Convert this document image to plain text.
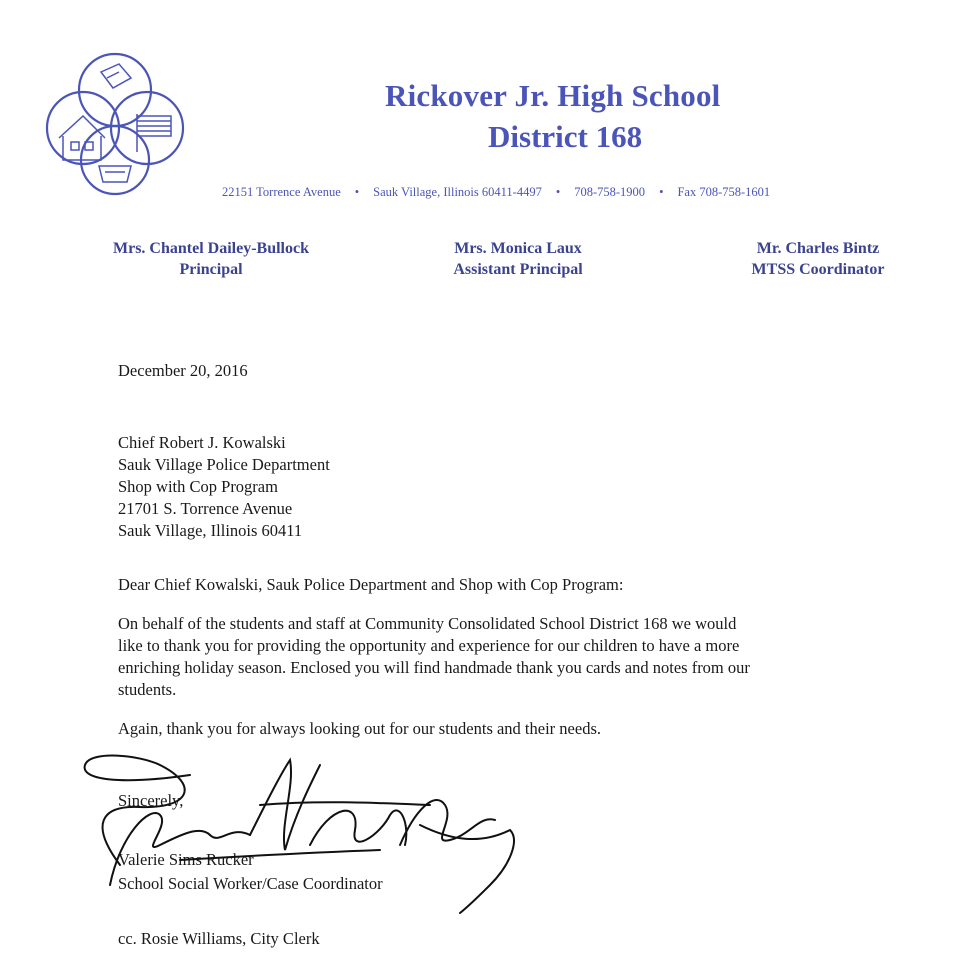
Rickover Jr. High School
District 168
22151 Torrence Avenue • Sauk Village, Illinois 60411-4497 • 708-758-1900 • Fax 708-758-1601
Mrs. Chantel Dailey-Bullock
Principal
Mrs. Monica Laux
Assistant Principal
Mr. Charles Bintz
MTSS Coordinator
December 20, 2016
Chief Robert J. Kowalski
Sauk Village Police Department
Shop with Cop Program
21701 S. Torrence Avenue
Sauk Village, Illinois 60411
Dear Chief Kowalski, Sauk Police Department and Shop with Cop Program:
On behalf of the students and staff at Community Consolidated School District 168 we would
like to thank you for providing the opportunity and experience for our children to have a more
enriching holiday season. Enclosed you will find handmade thank you cards and notes from our
students.
Again, thank you for always looking out for our students and their needs.
Sincerely,
Valerie Sims Rucker
School Social Worker/Case Coordinator
cc. Rosie Williams, City Clerk
